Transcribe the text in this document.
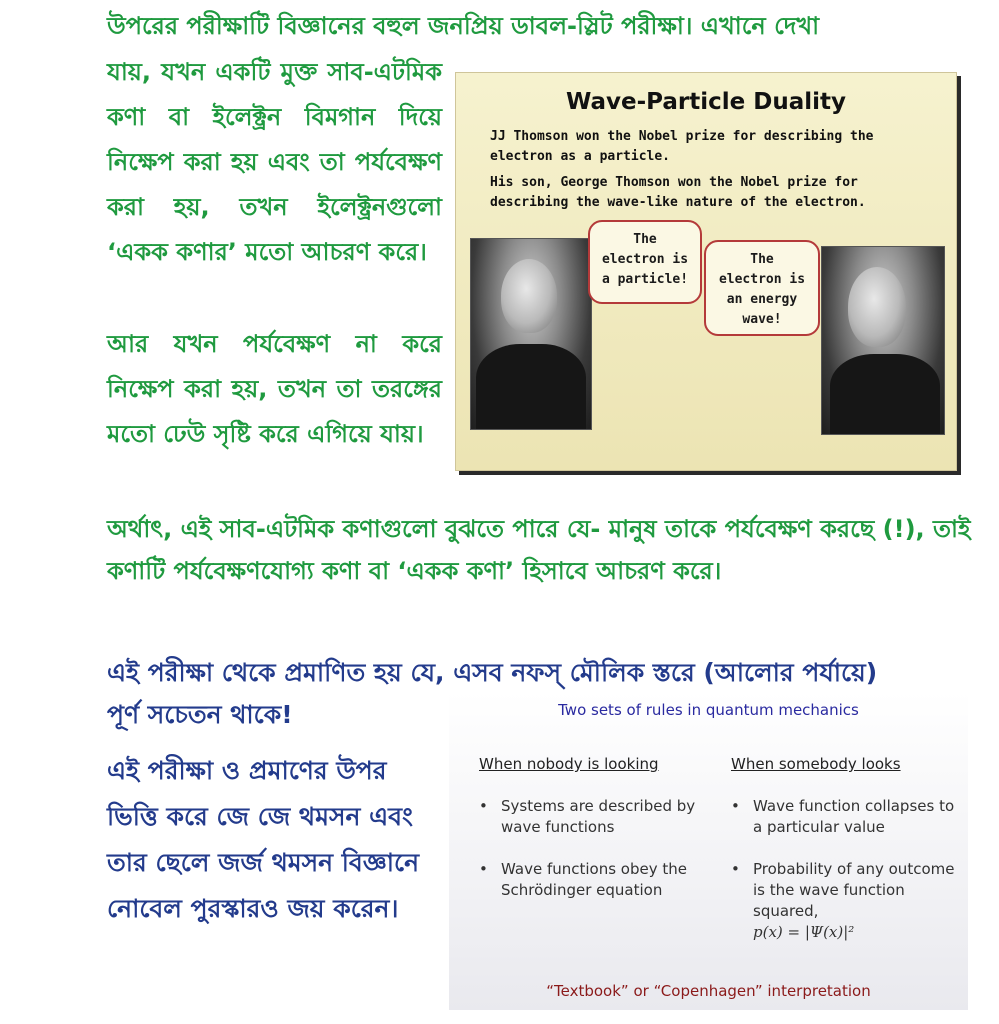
উপরের পরীক্ষাটি বিজ্ঞানের বহুল জনপ্রিয় ডাবল-স্লিট পরীক্ষা। এখানে দেখা

যায়, যখন একটি মুক্ত সাব-এটমিক কণা বা ইলেক্ট্রন বিমগান দিয়ে নিক্ষেপ করা হয় এবং তা পর্যবেক্ষণ করা হয়, তখন ইলেক্ট্রনগুলো ‘একক কণার’ মতো আচরণ করে।

আর যখন পর্যবেক্ষণ না করে নিক্ষেপ করা হয়, তখন তা তরঙ্গের মতো ঢেউ সৃষ্টি করে এগিয়ে যায়।

Wave-Particle Duality
JJ Thomson won the Nobel prize for describing the electron as a particle.
His son, George Thomson won the Nobel prize for describing the wave-like nature of the electron.
The
electron is
a particle!
The
electron is
an energy
wave!

অর্থাৎ, এই সাব-এটমিক কণাগুলো বুঝতে পারে যে- মানুষ তাকে পর্যবেক্ষণ করছে (!), তাই কণাটি পর্যবেক্ষণযোগ্য কণা বা ‘একক কণা’ হিসাবে আচরণ করে।

এই পরীক্ষা থেকে প্রমাণিত হয় যে, এসব নফস্ মৌলিক স্তরে (আলোর পর্যায়ে) পূর্ণ সচেতন থাকে!

এই পরীক্ষা ও প্রমাণের উপর ভিত্তি করে জে জে থমসন এবং তার ছেলে জর্জ থমসন বিজ্ঞানে নোবেল পুরস্কারও জয় করেন।

Two sets of rules in quantum mechanics
When nobody is looking	When somebody looks
• Systems are described by wave functions
• Wave functions obey the Schrödinger equation
• Wave function collapses to a particular value
• Probability of any outcome is the wave function squared,
p(x) = |Ψ(x)|²
“Textbook” or “Copenhagen” interpretation
